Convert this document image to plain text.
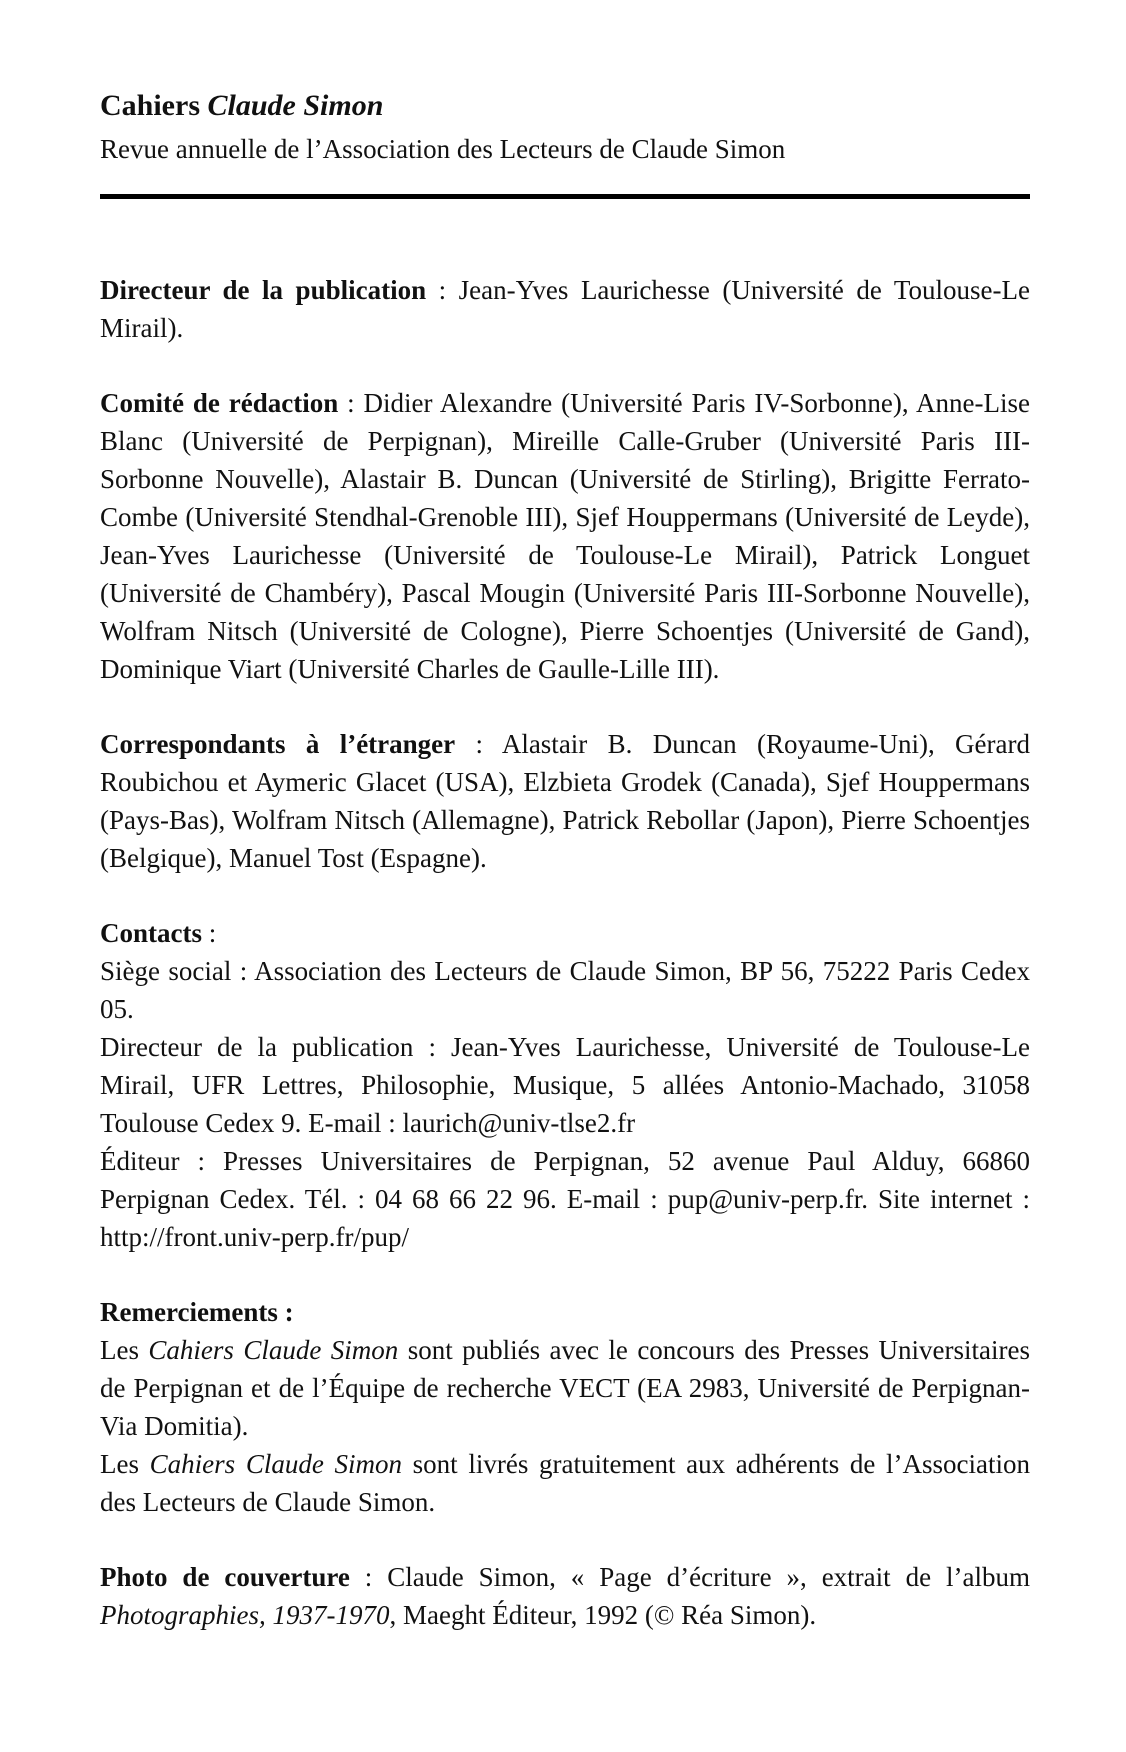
Cahiers Claude Simon

Revue annuelle de l’Association des Lecteurs de Claude Simon

Directeur de la publication : Jean-Yves Laurichesse (Université de Toulouse-Le Mirail).

Comité de rédaction : Didier Alexandre (Université Paris IV-Sorbonne), Anne-Lise Blanc (Université de Perpignan), Mireille Calle-Gruber (Université Paris III-Sorbonne Nouvelle), Alastair B. Duncan (Université de Stirling), Brigitte Ferrato-Combe (Université Stendhal-Grenoble III), Sjef Houppermans (Université de Leyde), Jean-Yves Laurichesse (Université de Toulouse-Le Mirail), Patrick Longuet (Université de Chambéry), Pascal Mougin (Université Paris III-Sorbonne Nouvelle), Wolfram Nitsch (Université de Cologne), Pierre Schoentjes (Université de Gand), Dominique Viart (Université Charles de Gaulle-Lille III).

Correspondants à l’étranger : Alastair B. Duncan (Royaume-Uni), Gérard Roubichou et Aymeric Glacet (USA), Elzbieta Grodek (Canada), Sjef Houppermans (Pays-Bas), Wolfram Nitsch (Allemagne), Patrick Rebollar (Japon), Pierre Schoentjes (Belgique), Manuel Tost (Espagne).

Contacts :

Siège social : Association des Lecteurs de Claude Simon, BP 56, 75222 Paris Cedex 05.

Directeur de la publication : Jean-Yves Laurichesse, Université de Toulouse-Le Mirail, UFR Lettres, Philosophie, Musique, 5 allées Antonio-Machado, 31058 Toulouse Cedex 9. E-mail : laurich@univ-tlse2.fr

Éditeur : Presses Universitaires de Perpignan, 52 avenue Paul Alduy, 66860 Perpignan Cedex. Tél. : 04 68 66 22 96. E-mail : pup@univ-perp.fr. Site internet : http://front.univ-perp.fr/pup/

Remerciements :

Les Cahiers Claude Simon sont publiés avec le concours des Presses Universitaires de Perpignan et de l’Équipe de recherche VECT (EA 2983, Université de Perpignan-Via Domitia).

Les Cahiers Claude Simon sont livrés gratuitement aux adhérents de l’Association des Lecteurs de Claude Simon.

Photo de couverture : Claude Simon, « Page d’écriture », extrait de l’album Photographies, 1937-1970, Maeght Éditeur, 1992 (© Réa Simon).
